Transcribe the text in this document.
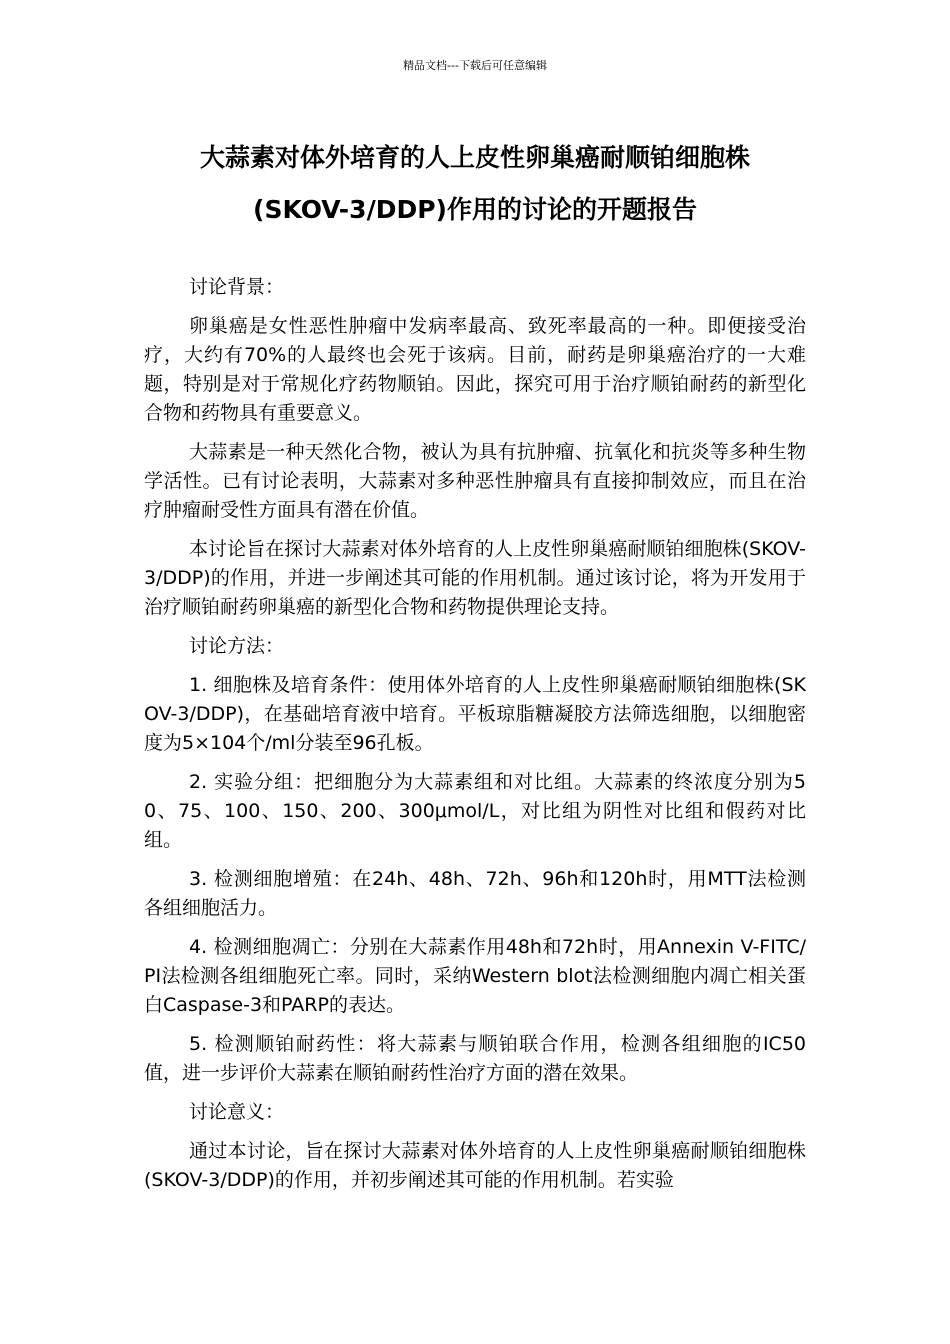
精品文档---下载后可任意编辑
大蒜素对体外培育的人上皮性卵巢癌耐顺铂细胞株
(SKOV-3/DDP)作用的讨论的开题报告

讨论背景：

卵巢癌是女性恶性肿瘤中发病率最高、致死率最高的一种。即便接受治疗，大约有70%的人最终也会死于该病。目前，耐药是卵巢癌治疗的一大难题，特别是对于常规化疗药物顺铂。因此，探究可用于治疗顺铂耐药的新型化合物和药物具有重要意义。

大蒜素是一种天然化合物，被认为具有抗肿瘤、抗氧化和抗炎等多种生物学活性。已有讨论表明，大蒜素对多种恶性肿瘤具有直接抑制效应，而且在治疗肿瘤耐受性方面具有潜在价值。

本讨论旨在探讨大蒜素对体外培育的人上皮性卵巢癌耐顺铂细胞株(SKOV-3/DDP)的作用，并进一步阐述其可能的作用机制。通过该讨论，将为开发用于治疗顺铂耐药卵巢癌的新型化合物和药物提供理论支持。

讨论方法：

1. 细胞株及培育条件：使用体外培育的人上皮性卵巢癌耐顺铂细胞株(SKOV-3/DDP)，在基础培育液中培育。平板琼脂糖凝胶方法筛选细胞，以细胞密度为5×104个/ml分装至96孔板。

2. 实验分组：把细胞分为大蒜素组和对比组。大蒜素的终浓度分别为50、75、100、150、200、300μmol/L，对比组为阴性对比组和假药对比组。

3. 检测细胞增殖：在24h、48h、72h、96h和120h时，用MTT法检测各组细胞活力。

4. 检测细胞凋亡：分别在大蒜素作用48h和72h时，用Annexin V-FITC/PI法检测各组细胞死亡率。同时，采纳Western blot法检测细胞内凋亡相关蛋白Caspase-3和PARP的表达。

5. 检测顺铂耐药性：将大蒜素与顺铂联合作用，检测各组细胞的IC50值，进一步评价大蒜素在顺铂耐药性治疗方面的潜在效果。

讨论意义：

通过本讨论，旨在探讨大蒜素对体外培育的人上皮性卵巢癌耐顺铂细胞株(SKOV-3/DDP)的作用，并初步阐述其可能的作用机制。若实验
